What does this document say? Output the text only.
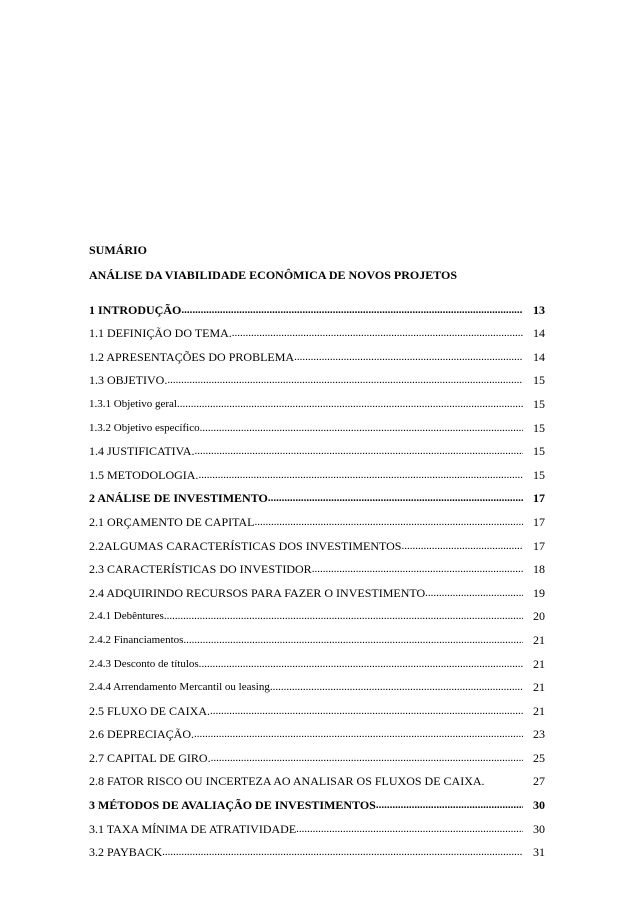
SUMÁRIO
ANÁLISE DA VIABILIDADE ECONÔMICA DE NOVOS PROJETOS
1 INTRODUÇÃO .....	13
1.1 DEFINIÇÃO DO TEMA. .....	14
1.2 APRESENTAÇÕES DO PROBLEMA .....	14
1.3 OBJETIVO. .....	15
1.3.1 Objetivo geral .....	15
1.3.2 Objetivo específico. .....	15
1.4 JUSTIFICATIVA. .....	15
1.5 METODOLOGIA. .....	15
2 ANÁLISE DE INVESTIMENTO .....	17
2.1 ORÇAMENTO DE CAPITAL .....	17
2.2ALGUMAS CARACTERÍSTICAS DOS INVESTIMENTOS .....	17
2.3 CARACTERÍSTICAS DO INVESTIDOR .....	18
2.4 ADQUIRINDO RECURSOS PARA FAZER O INVESTIMENTO .....	19
2.4.1 Debêntures .....	20
2.4.2 Financiamentos. .....	21
2.4.3 Desconto de títulos. .....	21
2.4.4 Arrendamento Mercantil ou leasing. .....	21
2.5 FLUXO DE CAIXA. .....	21
2.6 DEPRECIAÇÃO. .....	23
2.7 CAPITAL DE GIRO. .....	25
2.8 FATOR RISCO OU INCERTEZA AO ANALISAR OS FLUXOS DE CAIXA.	27
3 MÉTODOS DE AVALIAÇÃO DE INVESTIMENTOS .....	30
3.1 TAXA MÍNIMA DE ATRATIVIDADE .....	30
3.2 PAYBACK .....	31
